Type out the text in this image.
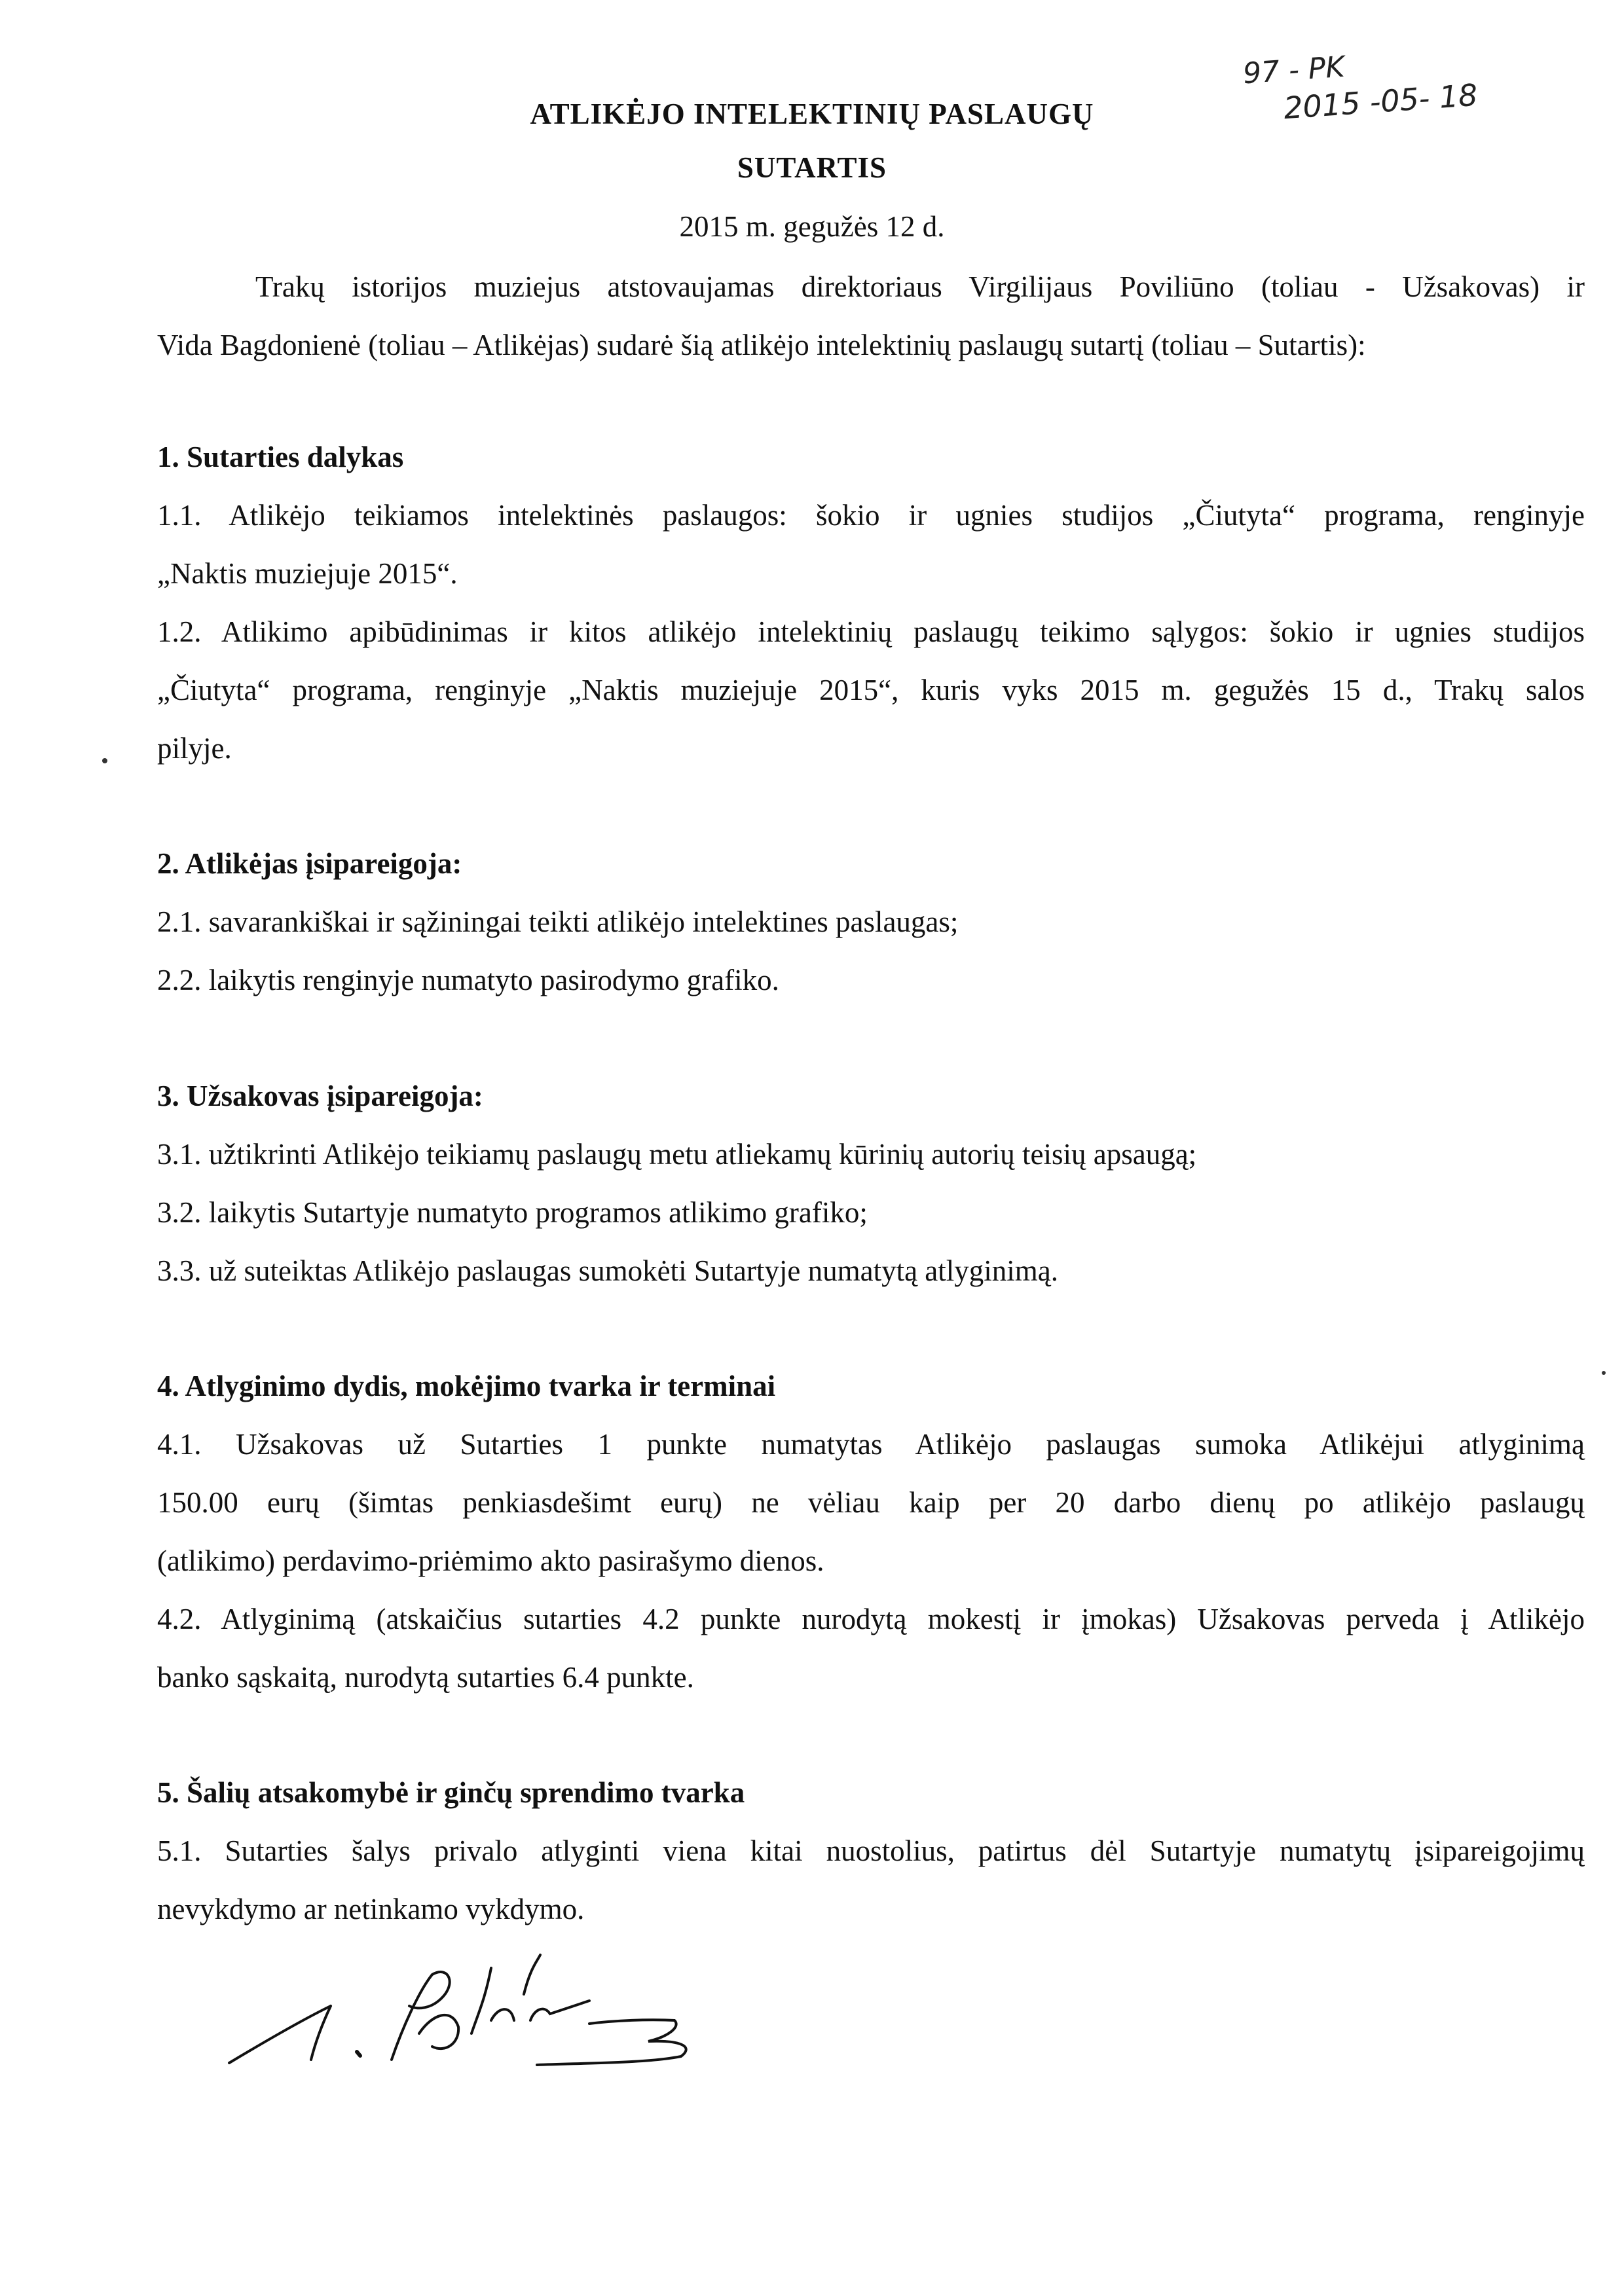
97 - PK
2015 -05- 18
ATLIKĖJO INTELEKTINIŲ PASLAUGŲ
SUTARTIS
2015 m. gegužės 12 d.
Trakų istorijos muziejus atstovaujamas direktoriaus Virgilijaus Poviliūno (toliau - Užsakovas) ir
Vida Bagdonienė (toliau – Atlikėjas) sudarė šią atlikėjo intelektinių paslaugų sutartį (toliau – Sutartis):
1. Sutarties dalykas
1.1. Atlikėjo teikiamos intelektinės paslaugos: šokio ir ugnies studijos „Čiutyta“ programa, renginyje
„Naktis muziejuje 2015“.
1.2. Atlikimo apibūdinimas ir kitos atlikėjo intelektinių paslaugų teikimo sąlygos: šokio ir ugnies studijos
„Čiutyta“ programa, renginyje „Naktis muziejuje 2015“, kuris vyks 2015 m. gegužės 15 d., Trakų salos
pilyje.
2. Atlikėjas įsipareigoja:

2.1. savarankiškai ir sąžiningai teikti atlikėjo intelektines paslaugas;

2.2. laikytis renginyje numatyto pasirodymo grafiko.

3. Užsakovas įsipareigoja:

3.1. užtikrinti Atlikėjo teikiamų paslaugų metu atliekamų kūrinių autorių teisių apsaugą;

3.2. laikytis Sutartyje numatyto programos atlikimo grafiko;

3.3. už suteiktas Atlikėjo paslaugas sumokėti Sutartyje numatytą atlyginimą.

4. Atlyginimo dydis, mokėjimo tvarka ir terminai
4.1. Užsakovas už Sutarties 1 punkte numatytas Atlikėjo paslaugas sumoka Atlikėjui atlyginimą
150.00 eurų (šimtas penkiasdešimt eurų) ne vėliau kaip per 20 darbo dienų po atlikėjo paslaugų
(atlikimo) perdavimo-priėmimo akto pasirašymo dienos.
4.2. Atlyginimą (atskaičius sutarties 4.2 punkte nurodytą mokestį ir įmokas) Užsakovas perveda į Atlikėjo
banko sąskaitą, nurodytą sutarties 6.4 punkte.
5. Šalių atsakomybė ir ginčų sprendimo tvarka
5.1. Sutarties šalys privalo atlyginti viena kitai nuostolius, patirtus dėl Sutartyje numatytų įsipareigojimų
nevykdymo ar netinkamo vykdymo.
